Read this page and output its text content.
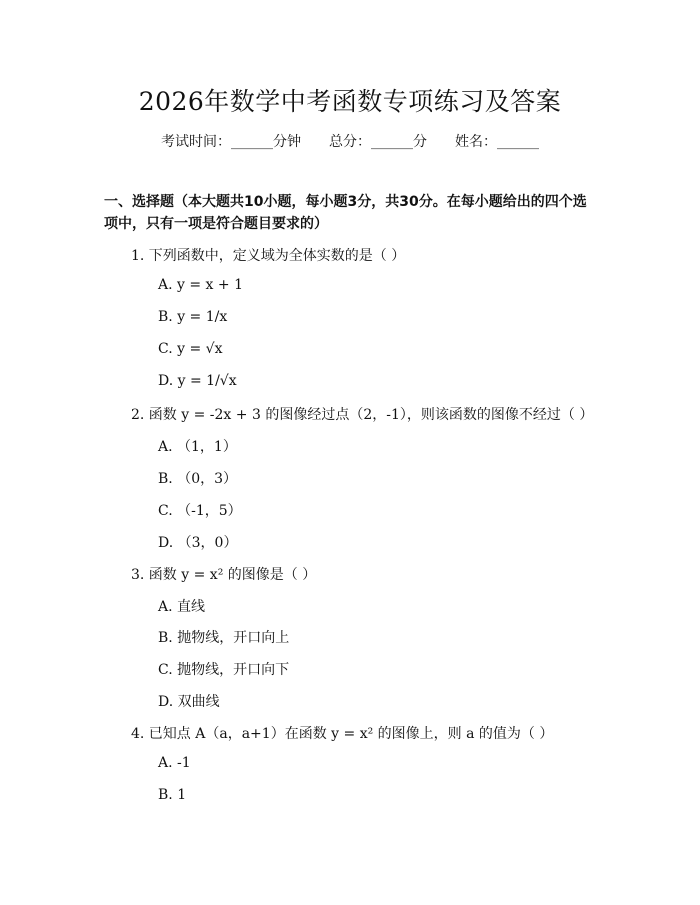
2026年数学中考函数专项练习及答案
考试时间：______分钟 总分：______分 姓名：______
一、选择题（本大题共10小题，每小题3分，共30分。在每小题给出的四个选
项中，只有一项是符合题目要求的）
1. 下列函数中，定义域为全体实数的是（ ）
A. y = x + 1
B. y = 1/x
C. y = √x
D. y = 1/√x
2. 函数 y = -2x + 3 的图像经过点（2，-1），则该函数的图像不经过（ ）
A. （1，1）
B. （0，3）
C. （-1，5）
D. （3，0）
3. 函数 y = x² 的图像是（ ）
A. 直线
B. 抛物线，开口向上
C. 抛物线，开口向下
D. 双曲线
4. 已知点 A（a，a+1）在函数 y = x² 的图像上，则 a 的值为（ ）
A. -1
B. 1
